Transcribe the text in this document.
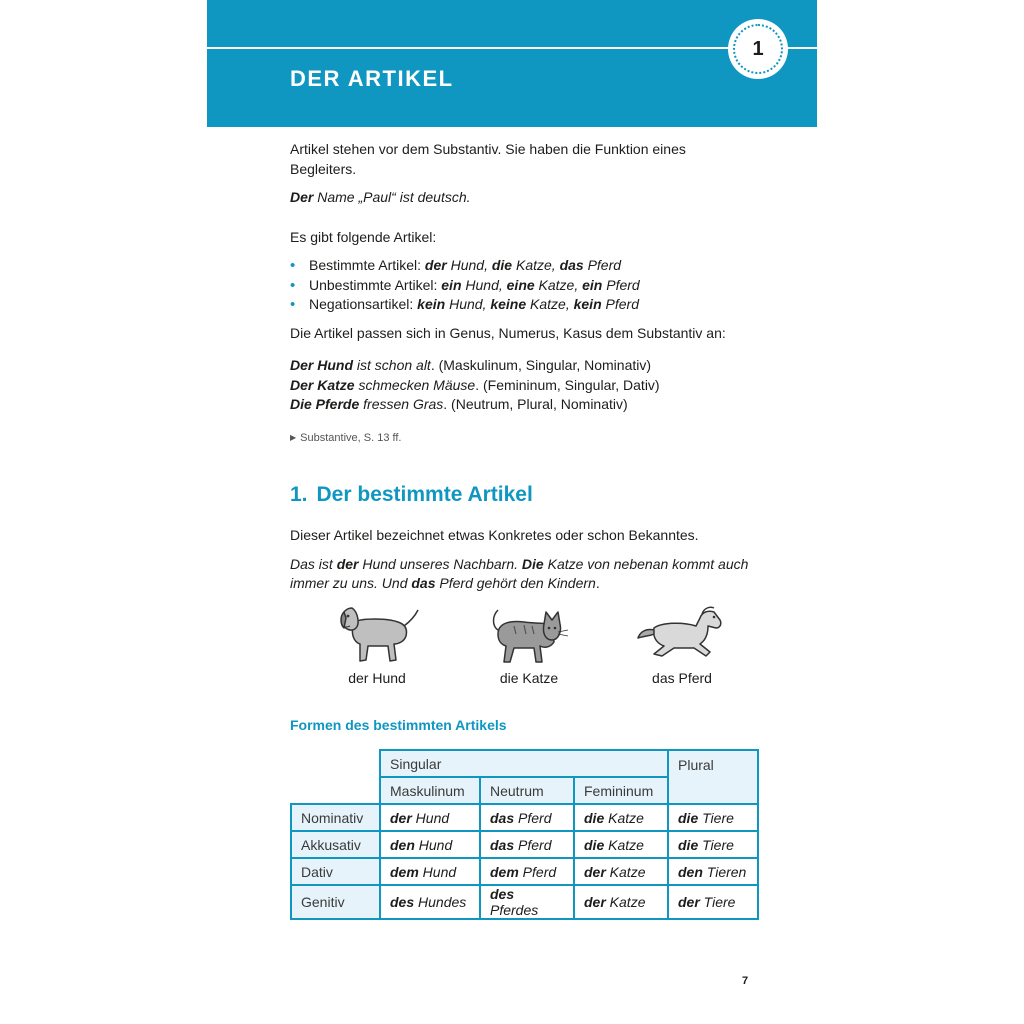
1
DER ARTIKEL

Artikel stehen vor dem Substantiv. Sie haben die Funktion eines Begleiters.

Der Name „Paul“ ist deutsch.

Es gibt folgende Artikel:

• Bestimmte Artikel: der Hund, die Katze, das Pferd
• Unbestimmte Artikel: ein Hund, eine Katze, ein Pferd
• Negationsartikel: kein Hund, keine Katze, kein Pferd

Die Artikel passen sich in Genus, Numerus, Kasus dem Substantiv an:

Der Hund ist schon alt. (Maskulinum, Singular, Nominativ)

Der Katze schmecken Mäuse. (Femininum, Singular, Dativ)

Die Pferde fressen Gras. (Neutrum, Plural, Nominativ)

▶ Substantive, S. 13 ff.

1. Der bestimmte Artikel

Dieser Artikel bezeichnet etwas Konkretes oder schon Bekanntes.

Das ist der Hund unseres Nachbarn. Die Katze von nebenan kommt auch immer zu uns. Und das Pferd gehört den Kindern.

der Hund	die Katze	das Pferd
Formen des bestimmten Artikels
	Singular			Plural
	Maskulinum	Neutrum	Femininum	
Nominativ	der Hund	das Pferd	die Katze	die Tiere
Akkusativ	den Hund	das Pferd	die Katze	die Tiere
Dativ	dem Hund	dem Pferd	der Katze	den Tieren
Genitiv	des Hundes	des Pferdes	der Katze	der Tiere
7
